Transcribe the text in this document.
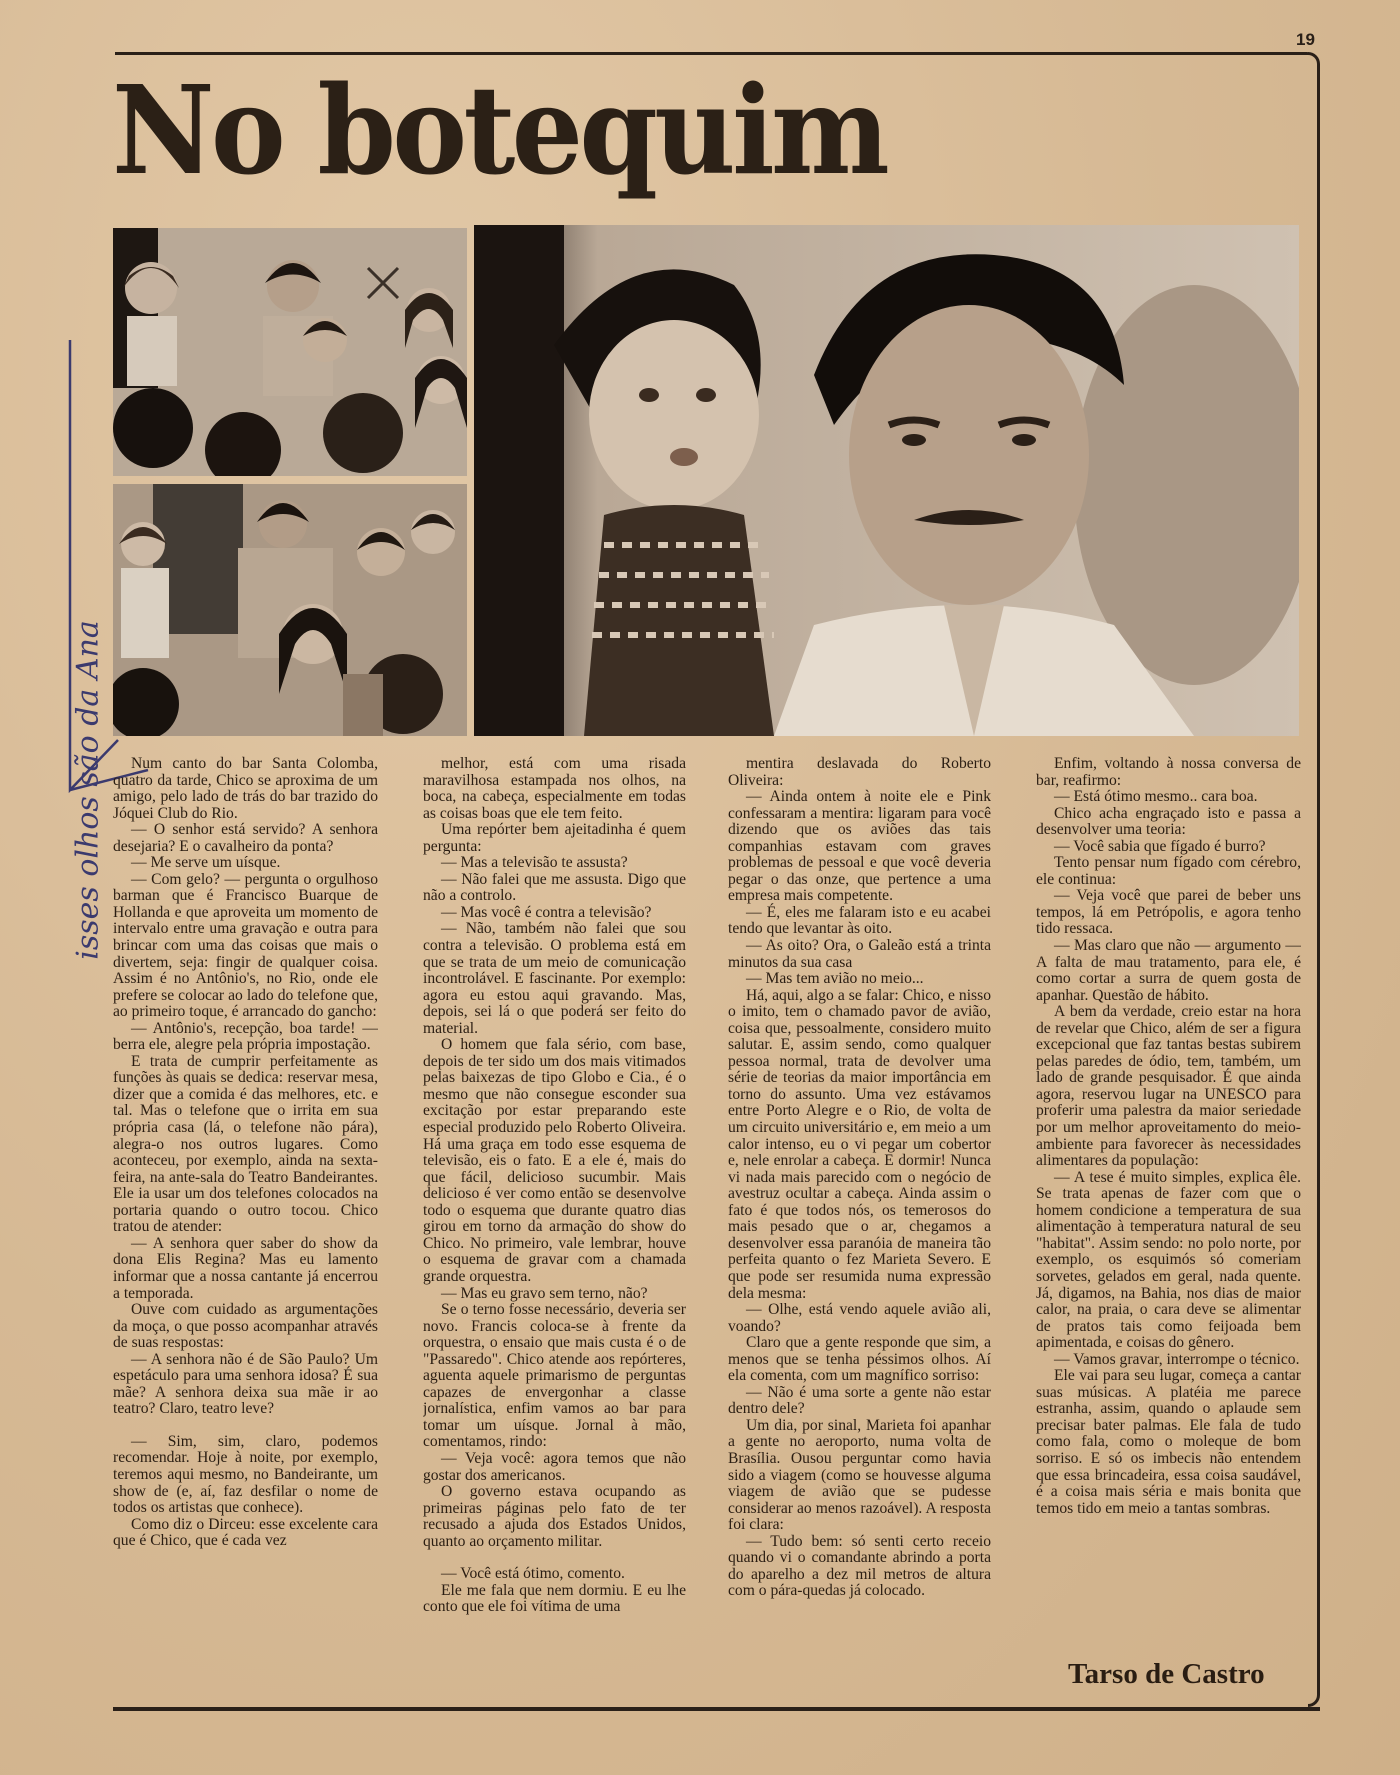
19
No botequim
isses olhos são da Ana	Num canto do bar Santa Colomba, quatro da tarde, Chico se aproxima de um amigo, pelo lado de trás do bar trazido do Jóquei Club do Rio.

— O senhor está servido? A senhora desejaria? E o cavalheiro da ponta?

— Me serve um uísque.

— Com gelo? — pergunta o orgulhoso barman que é Francisco Buarque de Hollanda e que aproveita um momento de intervalo entre uma gravação e outra para brincar com uma das coisas que mais o divertem, seja: fingir de qualquer coisa. Assim é no Antônio's, no Rio, onde ele prefere se colocar ao lado do telefone que, ao primeiro toque, é arrancado do gancho:

— Antônio's, recepção, boa tarde! — berra ele, alegre pela própria impostação.

E trata de cumprir perfeitamente as funções às quais se dedica: reservar mesa, dizer que a comida é das melhores, etc. e tal. Mas o telefone que o irrita em sua própria casa (lá, o telefone não pára), alegra-o nos outros lugares. Como aconteceu, por exemplo, ainda na sexta-feira, na ante-sala do Teatro Bandeirantes. Ele ia usar um dos telefones colocados na portaria quando o outro tocou. Chico tratou de atender:

— A senhora quer saber do show da dona Elis Regina? Mas eu lamento informar que a nossa cantante já encerrou a temporada.

Ouve com cuidado as argumentações da moça, o que posso acompanhar através de suas respostas:

— A senhora não é de São Paulo? Um espetáculo para uma senhora idosa? É sua mãe? A senhora deixa sua mãe ir ao teatro? Claro, teatro leve?

— Sim, sim, claro, podemos recomendar. Hoje à noite, por exemplo, teremos aqui mesmo, no Bandeirante, um show de (e, aí, faz desfilar o nome de todos os artistas que conhece).

Como diz o Dirceu: esse excelente cara que é Chico, que é cada vez

melhor, está com uma risada maravilhosa estampada nos olhos, na boca, na cabeça, especialmente em todas as coisas boas que ele tem feito.

Uma repórter bem ajeitadinha é quem pergunta:

— Mas a televisão te assusta?

— Não falei que me assusta. Digo que não a controlo.

— Mas você é contra a televisão?

— Não, também não falei que sou contra a televisão. O problema está em que se trata de um meio de comunicação incontrolável. E fascinante. Por exemplo: agora eu estou aqui gravando. Mas, depois, sei lá o que poderá ser feito do material.

O homem que fala sério, com base, depois de ter sido um dos mais vitimados pelas baixezas de tipo Globo e Cia., é o mesmo que não consegue esconder sua excitação por estar preparando este especial produzido pelo Roberto Oliveira. Há uma graça em todo esse esquema de televisão, eis o fato. E a ele é, mais do que fácil, delicioso sucumbir. Mais delicioso é ver como então se desenvolve todo o esquema que durante quatro dias girou em torno da armação do show do Chico. No primeiro, vale lembrar, houve o esquema de gravar com a chamada grande orquestra.

— Mas eu gravo sem terno, não?

Se o terno fosse necessário, deveria ser novo. Francis coloca-se à frente da orquestra, o ensaio que mais custa é o de "Passaredo". Chico atende aos repórteres, aguenta aquele primarismo de perguntas capazes de envergonhar a classe jornalística, enfim vamos ao bar para tomar um uísque. Jornal à mão, comentamos, rindo:

— Veja você: agora temos que não gostar dos americanos.

O governo estava ocupando as primeiras páginas pelo fato de ter recusado a ajuda dos Estados Unidos, quanto ao orçamento militar.

— Você está ótimo, comento.

Ele me fala que nem dormiu. E eu lhe conto que ele foi vítima de uma

mentira deslavada do Roberto Oliveira:

— Ainda ontem à noite ele e Pink confessaram a mentira: ligaram para você dizendo que os aviões das tais companhias estavam com graves problemas de pessoal e que você deveria pegar o das onze, que pertence a uma empresa mais competente.

— É, eles me falaram isto e eu acabei tendo que levantar às oito.

— As oito? Ora, o Galeão está a trinta minutos da sua casa

— Mas tem avião no meio...

Há, aqui, algo a se falar: Chico, e nisso o imito, tem o chamado pavor de avião, coisa que, pessoalmente, considero muito salutar. E, assim sendo, como qualquer pessoa normal, trata de devolver uma série de teorias da maior importância em torno do assunto. Uma vez estávamos entre Porto Alegre e o Rio, de volta de um circuito universitário e, em meio a um calor intenso, eu o vi pegar um cobertor e, nele enrolar a cabeça. E dormir! Nunca vi nada mais parecido com o negócio de avestruz ocultar a cabeça. Ainda assim o fato é que todos nós, os temerosos do mais pesado que o ar, chegamos a desenvolver essa paranóia de maneira tão perfeita quanto o fez Marieta Severo. E que pode ser resumida numa expressão dela mesma:

— Olhe, está vendo aquele avião ali, voando?

Claro que a gente responde que sim, a menos que se tenha péssimos olhos. Aí ela comenta, com um magnífico sorriso:

— Não é uma sorte a gente não estar dentro dele?

Um dia, por sinal, Marieta foi apanhar a gente no aeroporto, numa volta de Brasília. Ousou perguntar como havia sido a viagem (como se houvesse alguma viagem de avião que se pudesse considerar ao menos razoável). A resposta foi clara:

— Tudo bem: só senti certo receio quando vi o comandante abrindo a porta do aparelho a dez mil metros de altura com o pára-quedas já colocado.

Enfim, voltando à nossa conversa de bar, reafirmo:

— Está ótimo mesmo.. cara boa.

Chico acha engraçado isto e passa a desenvolver uma teoria:

— Você sabia que fígado é burro?

Tento pensar num fígado com cérebro, ele continua:

— Veja você que parei de beber uns tempos, lá em Petrópolis, e agora tenho tido ressaca.

— Mas claro que não — argumento — A falta de mau tratamento, para ele, é como cortar a surra de quem gosta de apanhar. Questão de hábito.

A bem da verdade, creio estar na hora de revelar que Chico, além de ser a figura excepcional que faz tantas bestas subirem pelas paredes de ódio, tem, também, um lado de grande pesquisador. É que ainda agora, reservou lugar na UNESCO para proferir uma palestra da maior seriedade por um melhor aproveitamento do meio-ambiente para favorecer às necessidades alimentares da população:

— A tese é muito simples, explica êle. Se trata apenas de fazer com que o homem condicione a temperatura de sua alimentação à temperatura natural de seu "habitat". Assim sendo: no polo norte, por exemplo, os esquimós só comeriam sorvetes, gelados em geral, nada quente. Já, digamos, na Bahia, nos dias de maior calor, na praia, o cara deve se alimentar de pratos tais como feijoada bem apimentada, e coisas do gênero.

— Vamos gravar, interrompe o técnico.

Ele vai para seu lugar, começa a cantar suas músicas. A platéia me parece estranha, assim, quando o aplaude sem precisar bater palmas. Ele fala de tudo como fala, como o moleque de bom sorriso. E só os imbecis não entendem que essa brincadeira, essa coisa saudável, é a coisa mais séria e mais bonita que temos tido em meio a tantas sombras.

Tarso de Castro
